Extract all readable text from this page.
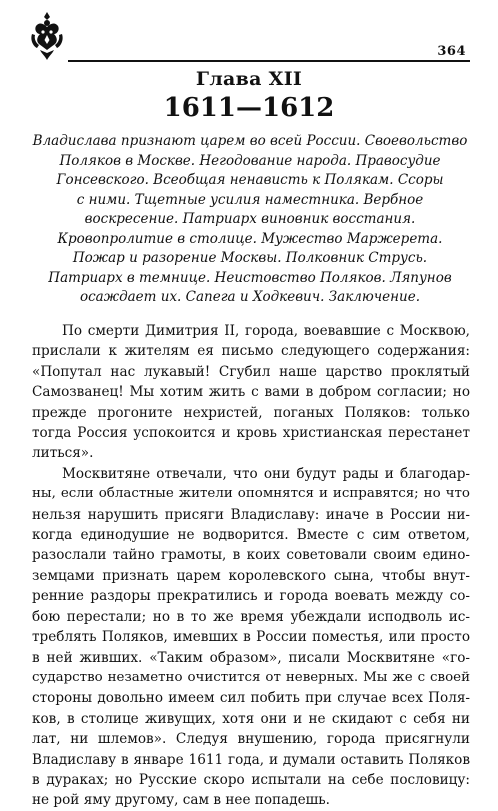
364
Глава XII
1611—1612
Владислава признают царем во всей России. Своевольство
Поляков в Москве. Негодование народа. Правосудие
Гонсевского. Всеобщая ненависть к Полякам. Ссоры
с ними. Тщетные усилия наместника. Вербное
воскресение. Патриарх виновник восстания.
Кровопролитие в столице. Мужество Маржерета.
Пожар и разорение Москвы. Полковник Струсь.
Патриарх в темнице. Неистовство Поляков. Ляпунов
осаждает их. Сапега и Ходкевич. Заключение.

По смерти Димитрия II, города, воевавшие с Москвою,
прислали к жителям ея письмо следующего содержания:
«Попутал нас лукавый! Сгубил наше царство проклятый
Самозванец! Мы хотим жить с вами в добром согласии; но
прежде прогоните нехристей, поганых Поляков: только
тогда Россия успокоится и кровь христианская перестанет
литься».

Москвитяне отвечали, что они будут рады и благодар-
ны, если областные жители опомнятся и исправятся; но что
нельзя нарушить присяги Владиславу: иначе в России ни-
когда единодушие не водворится. Вместе с сим ответом,
разослали тайно грамоты, в коих советовали своим едино-
земцами признать царем королевского сына, чтобы внут-
ренние раздоры прекратились и города воевать между со-
бою перестали; но в то же время убеждали исподволь ис-
треблять Поляков, имевших в России поместья, или просто
в ней живших. «Таким образом», писали Москвитяне «го-
сударство незаметно очистится от неверных. Мы же с своей
стороны довольно имеем сил побить при случае всех Поля-
ков, в столице живущих, хотя они и не скидают с себя ни
лат, ни шлемов». Следуя внушению, города присягнули
Владиславу в январе 1611 года, и думали оставить Поляков
в дураках; но Русские скоро испытали на себе пословицу:
не рой яму другому, сам в нее попадешь.
